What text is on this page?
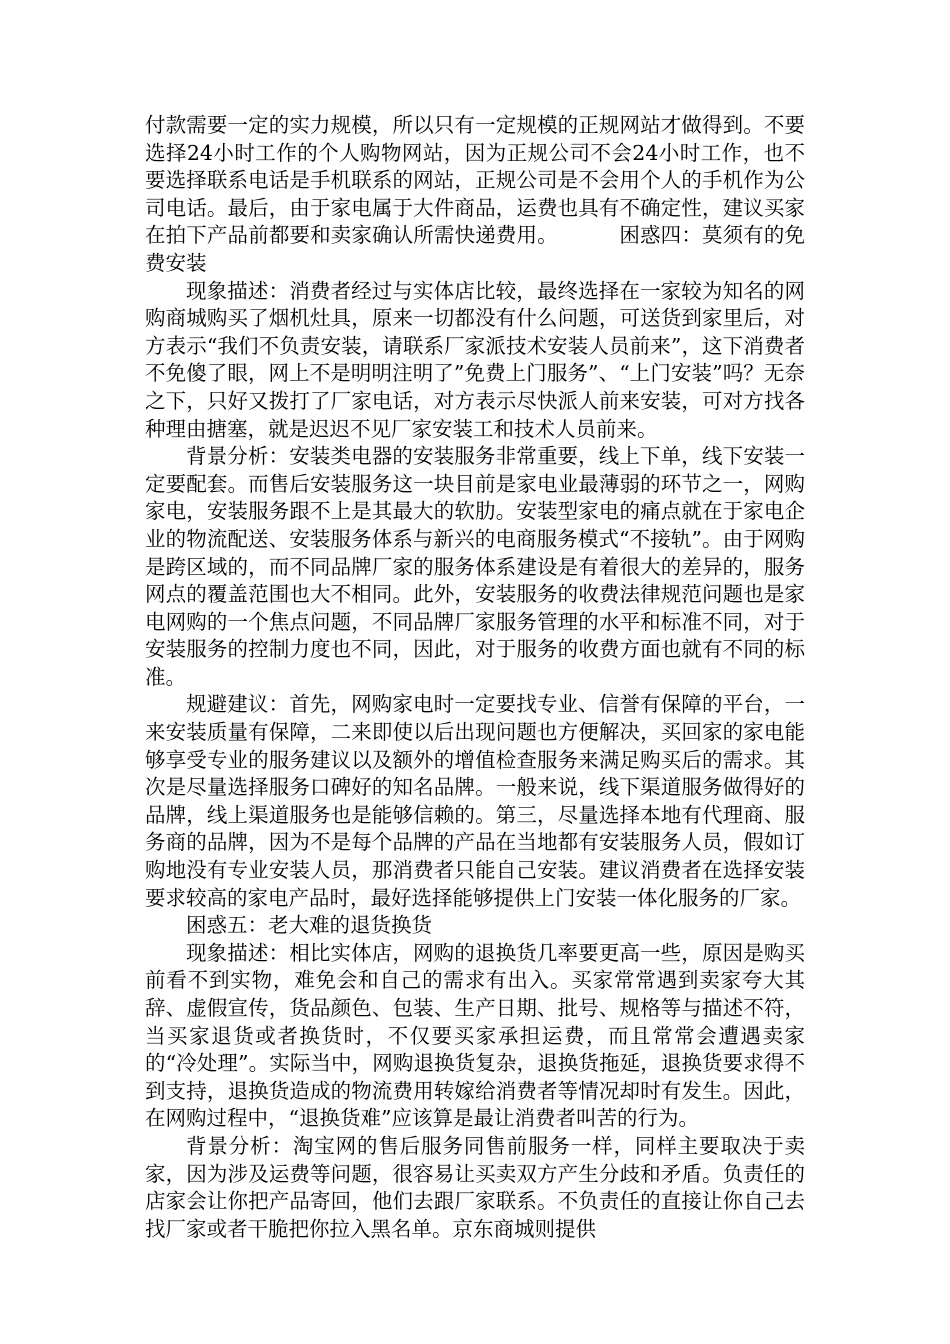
付款需要一定的实力规模，所以只有一定规模的正规网站才做得到。不要选择24小时工作的个人购物网站，因为正规公司不会24小时工作，也不要选择联系电话是手机联系的网站，正规公司是不会用个人的手机作为公司电话。最后，由于家电属于大件商品，运费也具有不确定性，建议买家在拍下产品前都要和卖家确认所需快递费用。	困惑四：莫须有的免费安装

现象描述：消费者经过与实体店比较，最终选择在一家较为知名的网购商城购买了烟机灶具，原来一切都没有什么问题，可送货到家里后，对方表示“我们不负责安装，请联系厂家派技术安装人员前来”，这下消费者不免傻了眼，网上不是明明注明了”免费上门服务”、“上门安装”吗？无奈之下，只好又拨打了厂家电话，对方表示尽快派人前来安装，可对方找各种理由搪塞，就是迟迟不见厂家安装工和技术人员前来。

背景分析：安装类电器的安装服务非常重要，线上下单，线下安装一定要配套。而售后安装服务这一块目前是家电业最薄弱的环节之一，网购家电，安装服务跟不上是其最大的软肋。安装型家电的痛点就在于家电企业的物流配送、安装服务体系与新兴的电商服务模式“不接轨”。由于网购是跨区域的，而不同品牌厂家的服务体系建设是有着很大的差异的，服务网点的覆盖范围也大不相同。此外，安装服务的收费法律规范问题也是家电网购的一个焦点问题，不同品牌厂家服务管理的水平和标准不同，对于安装服务的控制力度也不同，因此，对于服务的收费方面也就有不同的标准。

规避建议：首先，网购家电时一定要找专业、信誉有保障的平台，一来安装质量有保障，二来即使以后出现问题也方便解决，买回家的家电能够享受专业的服务建议以及额外的增值检查服务来满足购买后的需求。其次是尽量选择服务口碑好的知名品牌。一般来说，线下渠道服务做得好的品牌，线上渠道服务也是能够信赖的。第三，尽量选择本地有代理商、服务商的品牌，因为不是每个品牌的产品在当地都有安装服务人员，假如订购地没有专业安装人员，那消费者只能自己安装。建议消费者在选择安装要求较高的家电产品时，最好选择能够提供上门安装一体化服务的厂家。

困惑五：老大难的退货换货

现象描述：相比实体店，网购的退换货几率要更高一些，原因是购买前看不到实物，难免会和自己的需求有出入。买家常常遇到卖家夸大其辞、虚假宣传，货品颜色、包装、生产日期、批号、规格等与描述不符，当买家退货或者换货时，不仅要买家承担运费，而且常常会遭遇卖家的“冷处理”。实际当中，网购退换货复杂，退换货拖延，退换货要求得不到支持，退换货造成的物流费用转嫁给消费者等情况却时有发生。因此，在网购过程中，“退换货难”应该算是最让消费者叫苦的行为。

背景分析：淘宝网的售后服务同售前服务一样，同样主要取决于卖家，因为涉及运费等问题，很容易让买卖双方产生分歧和矛盾。负责任的店家会让你把产品寄回，他们去跟厂家联系。不负责任的直接让你自己去找厂家或者干脆把你拉入黑名单。京东商城则提供
